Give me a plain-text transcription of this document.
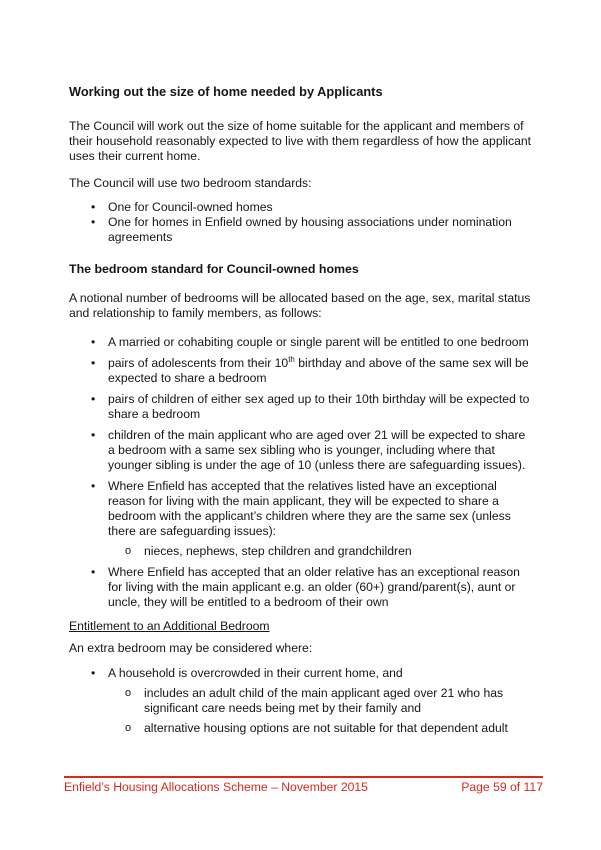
Working out the size of home needed by Applicants

The Council will work out the size of home suitable for the applicant and members of their household reasonably expected to live with them regardless of how the applicant uses their current home.

The Council will use two bedroom standards:

• One for Council-owned homes
• One for homes in Enfield owned by housing associations under nomination agreements
The bedroom standard for Council-owned homes

A notional number of bedrooms will be allocated based on the age, sex, marital status and relationship to family members, as follows:

• A married or cohabiting couple or single parent will be entitled to one bedroom
• pairs of adolescents from their 10th birthday and above of the same sex will be expected to share a bedroom
• pairs of children of either sex aged up to their 10th birthday will be expected to share a bedroom
• children of the main applicant who are aged over 21 will be expected to share a bedroom with a same sex sibling who is younger, including where that younger sibling is under the age of 10 (unless there are safeguarding issues).
• Where Enfield has accepted that the relatives listed have an exceptional reason for living with the main applicant, they will be expected to share a bedroom with the applicant’s children where they are the same sex (unless there are safeguarding issues):
o nieces, nephews, step children and grandchildren
• Where Enfield has accepted that an older relative has an exceptional reason for living with the main applicant e.g. an older (60+) grand/parent(s), aunt or uncle, they will be entitled to a bedroom of their own
Entitlement to an Additional Bedroom

An extra bedroom may be considered where:

• A household is overcrowded in their current home, and
o includes an adult child of the main applicant aged over 21 who has significant care needs being met by their family and
o alternative housing options are not suitable for that dependent adult
Enfield’s Housing Allocations Scheme – November 2015	Page 59 of 117
